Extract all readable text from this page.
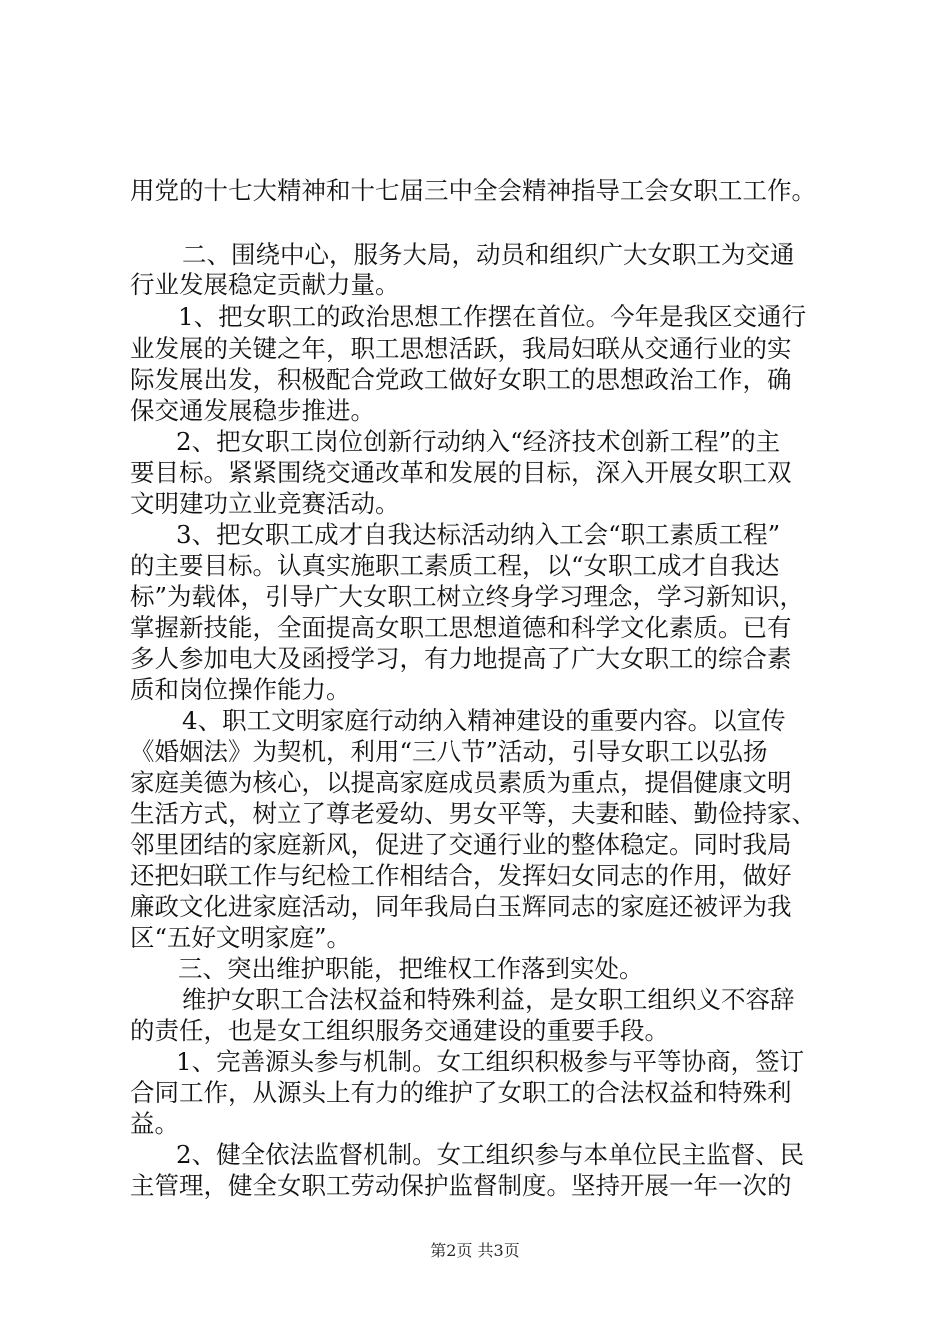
用党的十七大精神和十七届三中全会精神指导工会女职工工作。

二、围绕中心，服务大局，动员和组织广大女职工为交通

行业发展稳定贡献力量。

1、把女职工的政治思想工作摆在首位。今年是我区交通行

业发展的关键之年，职工思想活跃，我局妇联从交通行业的实

际发展出发，积极配合党政工做好女职工的思想政治工作，确

保交通发展稳步推进。

2、把女职工岗位创新行动纳入“经济技术创新工程”的主

要目标。紧紧围绕交通改革和发展的目标，深入开展女职工双

文明建功立业竞赛活动。

3、把女职工成才自我达标活动纳入工会“职工素质工程”

的主要目标。认真实施职工素质工程，以“女职工成才自我达

标”为载体，引导广大女职工树立终身学习理念，学习新知识，

掌握新技能，全面提高女职工思想道德和科学文化素质。已有

多人参加电大及函授学习，有力地提高了广大女职工的综合素

质和岗位操作能力。

4、职工文明家庭行动纳入精神建设的重要内容。以宣传

《婚姻法》为契机，利用“三八节”活动，引导女职工以弘扬

家庭美德为核心，以提高家庭成员素质为重点，提倡健康文明

生活方式，树立了尊老爱幼、男女平等，夫妻和睦、勤俭持家、

邻里团结的家庭新风，促进了交通行业的整体稳定。同时我局

还把妇联工作与纪检工作相结合，发挥妇女同志的作用，做好

廉政文化进家庭活动，同年我局白玉辉同志的家庭还被评为我

区“五好文明家庭”。

三、突出维护职能，把维权工作落到实处。

维护女职工合法权益和特殊利益，是女职工组织义不容辞

的责任，也是女工组织服务交通建设的重要手段。

1、完善源头参与机制。女工组织积极参与平等协商，签订

合同工作，从源头上有力的维护了女职工的合法权益和特殊利

益。

2、健全依法监督机制。女工组织参与本单位民主监督、民

主管理，健全女职工劳动保护监督制度。坚持开展一年一次的

第2页 共3页
